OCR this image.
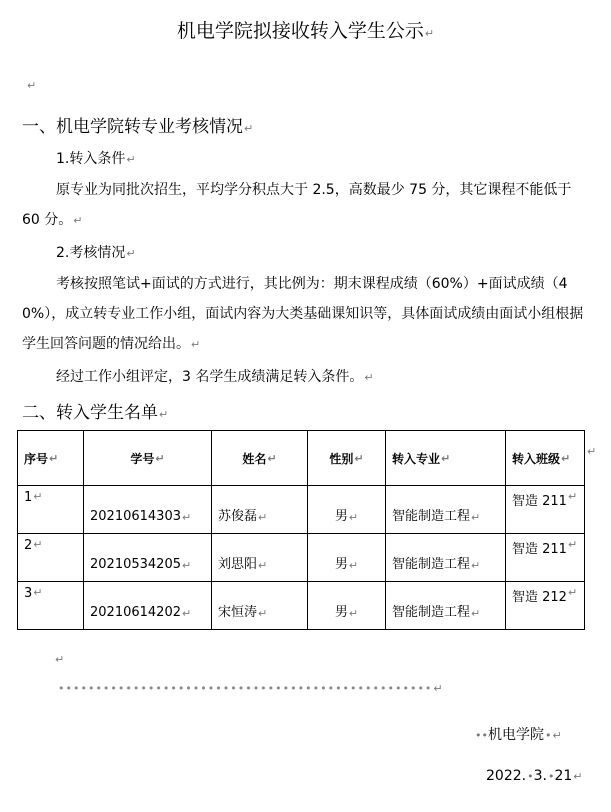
机电学院拟接收转入学生公示↵
↵
一、机电学院转专业考核情况↵
1.转入条件↵
原专业为同批次招生，平均学分积点大于 2.5，高数最少 75 分，其它课程不能低于 60 分。↵
2.考核情况↵
考核按照笔试+面试的方式进行，其比例为：期末课程成绩（60%）+面试成绩（40%），成立转专业工作小组，面试内容为大类基础课知识等，具体面试成绩由面试小组根据学生回答问题的情况给出。↵
经过工作小组评定，3 名学生成绩满足转入条件。↵
二、转入学生名单↵
序号 ↵	学号 ↵	姓名 ↵	性别 ↵	转入专业 ↵	转入班级 ↵

1 ↵	20210614303 ↵	苏俊磊 ↵	男 ↵	智能制造工程 ↵	智造 211 ↵

2 ↵	20210534205 ↵	刘思阳 ↵	男 ↵	智能制造工程 ↵	智造 211 ↵

3 ↵	20210614202 ↵	宋恒涛 ↵	男 ↵	智能制造工程 ↵	智造 212 ↵
↵
↵
••••••••••••••••••••••••••••••••••••••••••••••••••↵
••机电学院•↵
2022.•3.•21↵
